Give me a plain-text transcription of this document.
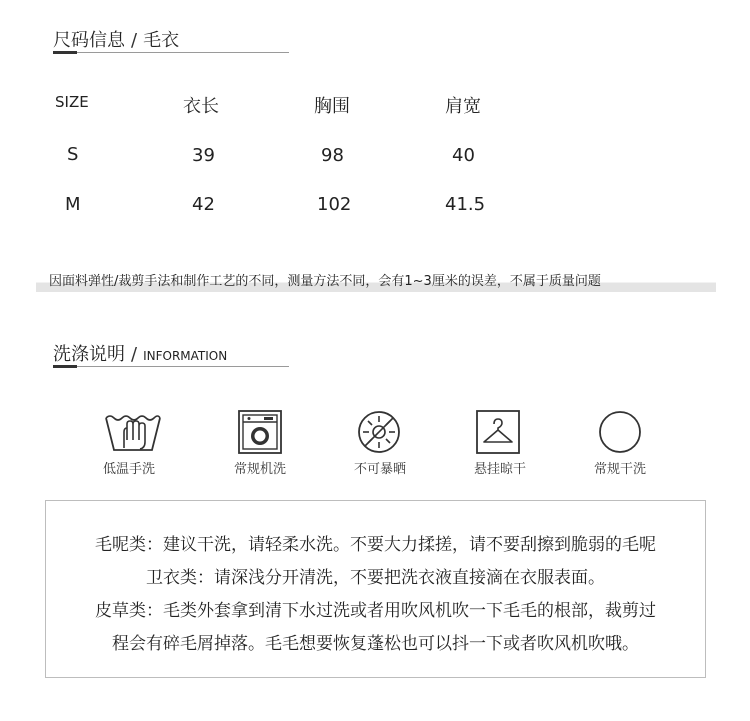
尺码信息 / 毛衣
SIZE	衣长	胸围	肩宽
S	39	98	40
M	42	102	41.5
因面料弹性/裁剪手法和制作工艺的不同，测量方法不同，会有1~3厘米的误差，不属于质量问题
洗涤说明 / INFORMATION
低温手洗	常规机洗	不可暴晒	悬挂晾干	常规干洗

毛呢类：建议干洗，请轻柔水洗。不要大力揉搓，请不要刮擦到脆弱的毛呢

卫衣类：请深浅分开清洗，不要把洗衣液直接滴在衣服表面。

皮草类：毛类外套拿到清下水过洗或者用吹风机吹一下毛毛的根部，裁剪过

程会有碎毛屑掉落。毛毛想要恢复蓬松也可以抖一下或者吹风机吹哦。
